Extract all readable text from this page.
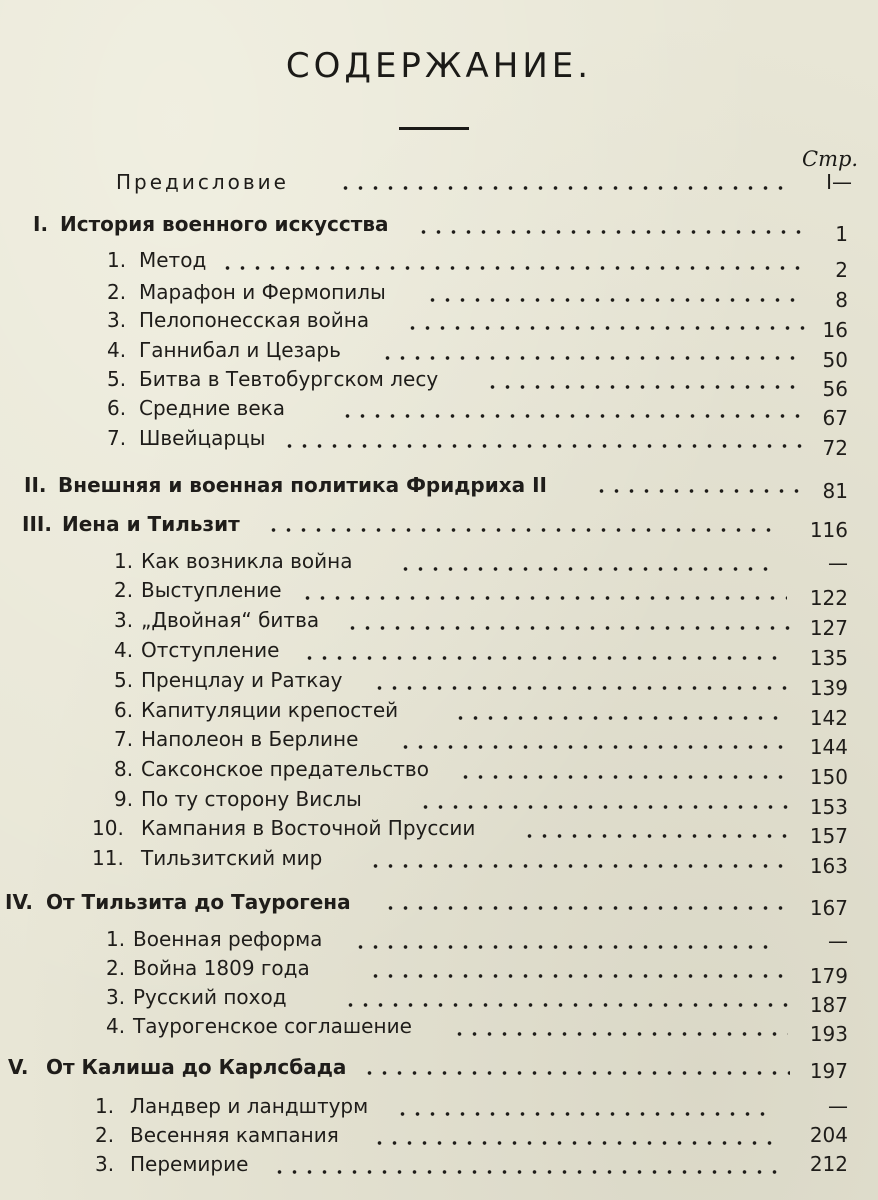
СОДЕРЖАНИЕ.
Стр.
Предисловие	I—
I. История военного искусства	1
1. Метод	2
2. Марафон и Фермопилы	8
3. Пелопонесская война	16
4. Ганнибал и Цезарь	50
5. Битва в Тевтобургском лесу	56
6. Средние века	67
7. Швейцарцы	72
II. Внешняя и военная политика Фридриха II	81
III. Иена и Тильзит	116
1. Как возникла война	—
2. Выступление	122
3. „Двойная“ битва	127
4. Отступление	135
5. Пренцлау и Раткау	139
6. Капитуляции крепостей	142
7. Наполеон в Берлине	144
8. Саксонское предательство	150
9. По ту сторону Вислы	153
10. Кампания в Восточной Пруссии	157
11. Тильзитский мир	163
IV. От Тильзита до Таурогена	167
1. Военная реформа	—
2. Война 1809 года	179
3. Русский поход	187
4. Таурогенское соглашение	193
V. От Калиша до Карлсбада	197
1. Ландвер и ландштурм	—
2. Весенняя кампания	204
3. Перемирие	212
